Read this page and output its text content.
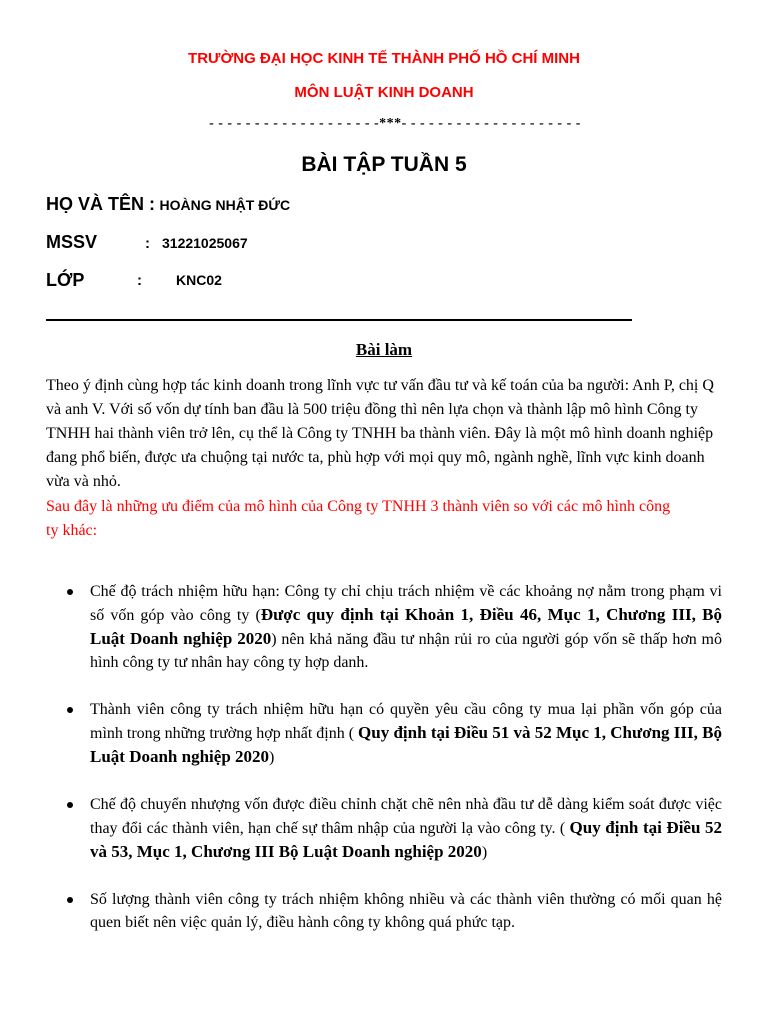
TRƯỜNG ĐẠI HỌC KINH TẾ THÀNH PHỐ HỒ CHÍ MINH
MÔN LUẬT KINH DOANH
- - - - - - - - - - - - - - - - - - -***- - - - - - - - - - - - - - - - - - - -
BÀI TẬP TUẦN 5
HỌ VÀ TÊN : HOÀNG NHẬT ĐỨC
MSSV	: 31221025067
LỚP	: KNC02
Bài làm
Theo ý định cùng hợp tác kinh doanh trong lĩnh vực tư vấn đầu tư và kế toán của ba người: Anh P, chị Q và anh V. Với số vốn dự tính ban đầu là 500 triệu đồng thì nên lựa chọn và thành lập mô hình Công ty TNHH hai thành viên trở lên, cụ thể là Công ty TNHH ba thành viên. Đây là một mô hình doanh nghiệp đang phổ biến, được ưa chuộng tại nước ta, phù hợp với mọi quy mô, ngành nghề, lĩnh vực kinh doanh vừa và nhỏ.
Sau đây là những ưu điểm của mô hình của Công ty TNHH 3 thành viên so với các mô hình công ty khác:
Chế độ trách nhiệm hữu hạn: Công ty chỉ chịu trách nhiệm về các khoảng nợ nằm trong phạm vi số vốn góp vào công ty (Được quy định tại Khoản 1, Điều 46, Mục 1, Chương III, Bộ Luật Doanh nghiệp 2020) nên khả năng đầu tư nhận rủi ro của người góp vốn sẽ thấp hơn mô hình công ty tư nhân hay công ty hợp danh.
Thành viên công ty trách nhiệm hữu hạn có quyền yêu cầu công ty mua lại phần vốn góp của mình trong những trường hợp nhất định ( Quy định tại Điều 51 và 52 Mục 1, Chương III, Bộ Luật Doanh nghiệp 2020)
Chế độ chuyển nhượng vốn được điều chỉnh chặt chẽ nên nhà đầu tư dễ dàng kiểm soát được việc thay đổi các thành viên, hạn chế sự thâm nhập của người lạ vào công ty. ( Quy định tại Điều 52 và 53, Mục 1, Chương III Bộ Luật Doanh nghiệp 2020)
Số lượng thành viên công ty trách nhiệm không nhiều và các thành viên thường có mối quan hệ quen biết nên việc quản lý, điều hành công ty không quá phức tạp.
